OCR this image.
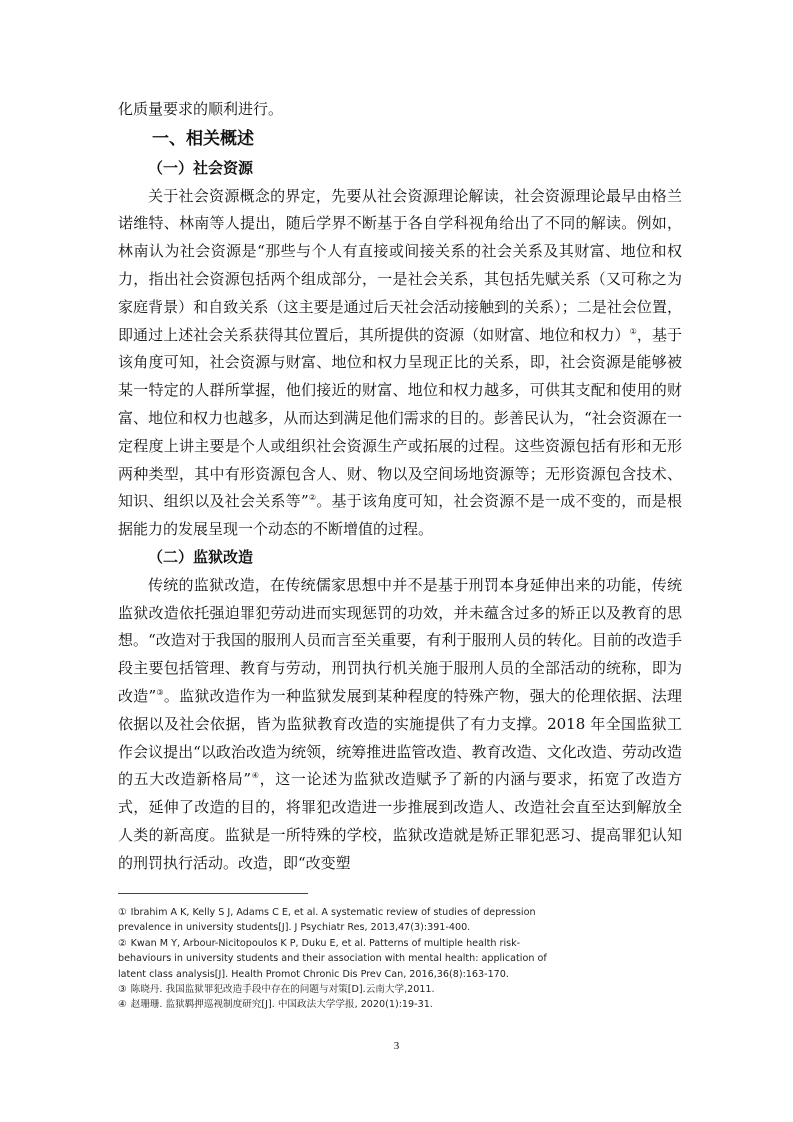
化质量要求的顺利进行。

一、相关概述
（一）社会资源

关于社会资源概念的界定，先要从社会资源理论解读，社会资源理论最早由格兰诺维特、林南等人提出，随后学界不断基于各自学科视角给出了不同的解读。例如，林南认为社会资源是“那些与个人有直接或间接关系的社会关系及其财富、地位和权力，指出社会资源包括两个组成部分，一是社会关系，其包括先赋关系（又可称之为家庭背景）和自致关系（这主要是通过后天社会活动接触到的关系）；二是社会位置，即通过上述社会关系获得其位置后，其所提供的资源（如财富、地位和权力）①，基于该角度可知，社会资源与财富、地位和权力呈现正比的关系，即，社会资源是能够被某一特定的人群所掌握，他们接近的财富、地位和权力越多，可供其支配和使用的财富、地位和权力也越多，从而达到满足他们需求的目的。彭善民认为，“社会资源在一定程度上讲主要是个人或组织社会资源生产或拓展的过程。这些资源包括有形和无形两种类型，其中有形资源包含人、财、物以及空间场地资源等；无形资源包含技术、知识、组织以及社会关系等”②。基于该角度可知，社会资源不是一成不变的，而是根据能力的发展呈现一个动态的不断增值的过程。

（二）监狱改造

传统的监狱改造，在传统儒家思想中并不是基于刑罚本身延伸出来的功能，传统监狱改造依托强迫罪犯劳动进而实现惩罚的功效，并未蕴含过多的矫正以及教育的思想。“改造对于我国的服刑人员而言至关重要，有利于服刑人员的转化。目前的改造手段主要包括管理、教育与劳动，刑罚执行机关施于服刑人员的全部活动的统称，即为改造”③。监狱改造作为一种监狱发展到某种程度的特殊产物，强大的伦理依据、法理依据以及社会依据，皆为监狱教育改造的实施提供了有力支撑。2018 年全国监狱工作会议提出“以政治改造为统领，统筹推进监管改造、教育改造、文化改造、劳动改造的五大改造新格局”④，这一论述为监狱改造赋予了新的内涵与要求，拓宽了改造方式，延伸了改造的目的，将罪犯改造进一步推展到改造人、改造社会直至达到解放全人类的新高度。监狱是一所特殊的学校，监狱改造就是矫正罪犯恶习、提高罪犯认知的刑罚执行活动。改造，即“改变塑

① Ibrahim A K, Kelly S J, Adams C E, et al. A systematic review of studies of depression prevalence in university students[J]. J Psychiatr Res, 2013,47(3):391-400.

② Kwan M Y, Arbour-Nicitopoulos K P, Duku E, et al. Patterns of multiple health risk-behaviours in university students and their association with mental health: application of latent class analysis[J]. Health Promot Chronic Dis Prev Can, 2016,36(8):163-170.

③ 陈晓丹. 我国监狱罪犯改造手段中存在的问题与对策[D].云南大学,2011.

④ 赵珊珊. 监狱羁押巡视制度研究[J]. 中国政法大学学报, 2020(1):19-31.

3
